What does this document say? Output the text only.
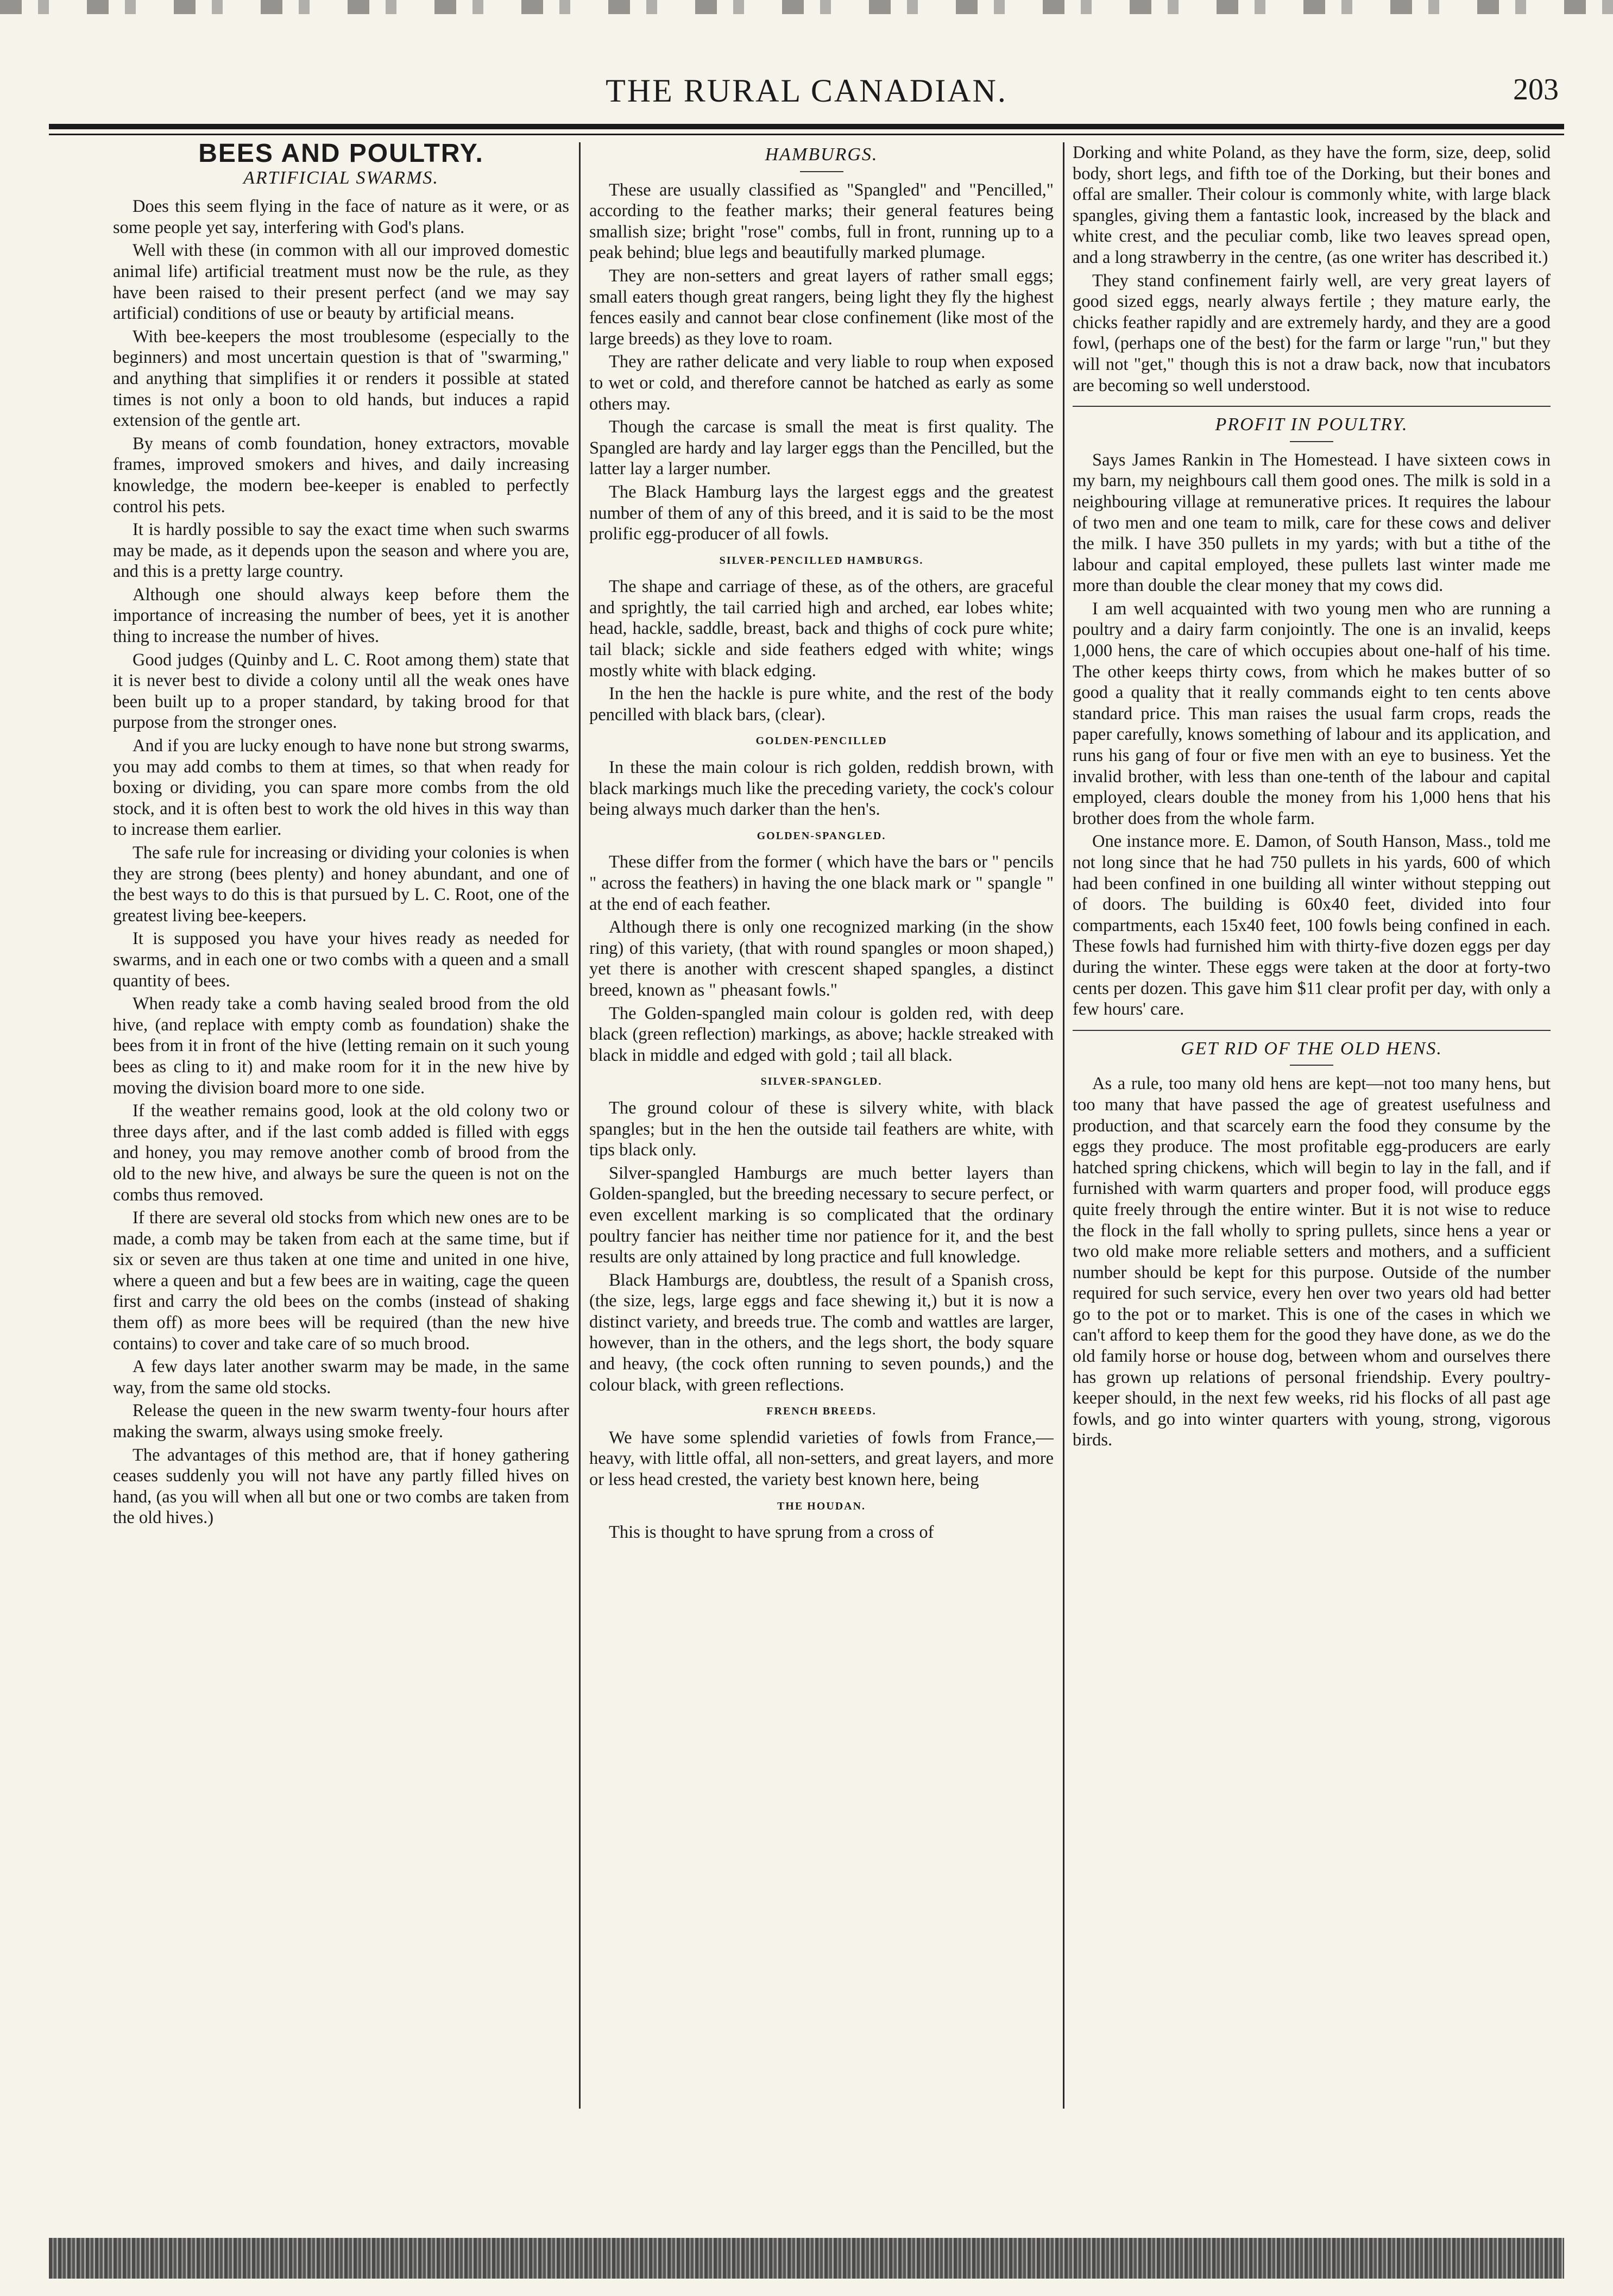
THE RURAL CANADIAN.	203
BEES AND POULTRY.
ARTIFICIAL SWARMS.

Does this seem flying in the face of nature as it were, or as some people yet say, interfering with God's plans.

Well with these (in common with all our improved domestic animal life) artificial treatment must now be the rule, as they have been raised to their present perfect (and we may say artificial) conditions of use or beauty by artificial means.

With bee-keepers the most troublesome (especially to the beginners) and most uncertain question is that of "swarming," and anything that simplifies it or renders it possible at stated times is not only a boon to old hands, but induces a rapid extension of the gentle art.

By means of comb foundation, honey extractors, movable frames, improved smokers and hives, and daily increasing knowledge, the modern bee-keeper is enabled to perfectly control his pets.

It is hardly possible to say the exact time when such swarms may be made, as it depends upon the season and where you are, and this is a pretty large country.

Although one should always keep before them the importance of increasing the number of bees, yet it is another thing to increase the number of hives.

Good judges (Quinby and L. C. Root among them) state that it is never best to divide a colony until all the weak ones have been built up to a proper standard, by taking brood for that purpose from the stronger ones.

And if you are lucky enough to have none but strong swarms, you may add combs to them at times, so that when ready for boxing or dividing, you can spare more combs from the old stock, and it is often best to work the old hives in this way than to increase them earlier.

The safe rule for increasing or dividing your colonies is when they are strong (bees plenty) and honey abundant, and one of the best ways to do this is that pursued by L. C. Root, one of the greatest living bee-keepers.

It is supposed you have your hives ready as needed for swarms, and in each one or two combs with a queen and a small quantity of bees.

When ready take a comb having sealed brood from the old hive, (and replace with empty comb as foundation) shake the bees from it in front of the hive (letting remain on it such young bees as cling to it) and make room for it in the new hive by moving the division board more to one side.

If the weather remains good, look at the old colony two or three days after, and if the last comb added is filled with eggs and honey, you may remove another comb of brood from the old to the new hive, and always be sure the queen is not on the combs thus removed.

If there are several old stocks from which new ones are to be made, a comb may be taken from each at the same time, but if six or seven are thus taken at one time and united in one hive, where a queen and but a few bees are in waiting, cage the queen first and carry the old bees on the combs (instead of shaking them off) as more bees will be required (than the new hive contains) to cover and take care of so much brood.

A few days later another swarm may be made, in the same way, from the same old stocks.

Release the queen in the new swarm twenty-four hours after making the swarm, always using smoke freely.

The advantages of this method are, that if honey gathering ceases suddenly you will not have any partly filled hives on hand, (as you will when all but one or two combs are taken from the old hives.)

HAMBURGS.

These are usually classified as "Spangled" and "Pencilled," according to the feather marks; their general features being smallish size; bright "rose" combs, full in front, running up to a peak behind; blue legs and beautifully marked plumage.

They are non-setters and great layers of rather small eggs; small eaters though great rangers, being light they fly the highest fences easily and cannot bear close confinement (like most of the large breeds) as they love to roam.

They are rather delicate and very liable to roup when exposed to wet or cold, and therefore cannot be hatched as early as some others may.

Though the carcase is small the meat is first quality. The Spangled are hardy and lay larger eggs than the Pencilled, but the latter lay a larger number.

The Black Hamburg lays the largest eggs and the greatest number of them of any of this breed, and it is said to be the most prolific egg-producer of all fowls.

SILVER-PENCILLED HAMBURGS.

The shape and carriage of these, as of the others, are graceful and sprightly, the tail carried high and arched, ear lobes white; head, hackle, saddle, breast, back and thighs of cock pure white; tail black; sickle and side feathers edged with white; wings mostly white with black edging.

In the hen the hackle is pure white, and the rest of the body pencilled with black bars, (clear).

GOLDEN-PENCILLED

In these the main colour is rich golden, reddish brown, with black markings much like the preceding variety, the cock's colour being always much darker than the hen's.

GOLDEN-SPANGLED.

These differ from the former ( which have the bars or " pencils " across the feathers) in having the one black mark or " spangle " at the end of each feather.

Although there is only one recognized marking (in the show ring) of this variety, (that with round spangles or moon shaped,) yet there is another with crescent shaped spangles, a distinct breed, known as " pheasant fowls."

The Golden-spangled main colour is golden red, with deep black (green reflection) markings, as above; hackle streaked with black in middle and edged with gold ; tail all black.

SILVER-SPANGLED.

The ground colour of these is silvery white, with black spangles; but in the hen the outside tail feathers are white, with tips black only.

Silver-spangled Hamburgs are much better layers than Golden-spangled, but the breeding necessary to secure perfect, or even excellent marking is so complicated that the ordinary poultry fancier has neither time nor patience for it, and the best results are only attained by long practice and full knowledge.

Black Hamburgs are, doubtless, the result of a Spanish cross, (the size, legs, large eggs and face shewing it,) but it is now a distinct variety, and breeds true. The comb and wattles are larger, however, than in the others, and the legs short, the body square and heavy, (the cock often running to seven pounds,) and the colour black, with green reflections.

FRENCH BREEDS.

We have some splendid varieties of fowls from France,—heavy, with little offal, all non-setters, and great layers, and more or less head crested, the variety best known here, being

THE HOUDAN.

This is thought to have sprung from a cross of

Dorking and white Poland, as they have the form, size, deep, solid body, short legs, and fifth toe of the Dorking, but their bones and offal are smaller. Their colour is commonly white, with large black spangles, giving them a fantastic look, increased by the black and white crest, and the peculiar comb, like two leaves spread open, and a long strawberry in the centre, (as one writer has described it.)

They stand confinement fairly well, are very great layers of good sized eggs, nearly always fertile ; they mature early, the chicks feather rapidly and are extremely hardy, and they are a good fowl, (perhaps one of the best) for the farm or large "run," but they will not "get," though this is not a draw back, now that incubators are becoming so well understood.

PROFIT IN POULTRY.

Says James Rankin in The Homestead. I have sixteen cows in my barn, my neighbours call them good ones. The milk is sold in a neighbouring village at remunerative prices. It requires the labour of two men and one team to milk, care for these cows and deliver the milk. I have 350 pullets in my yards; with but a tithe of the labour and capital employed, these pullets last winter made me more than double the clear money that my cows did.

I am well acquainted with two young men who are running a poultry and a dairy farm conjointly. The one is an invalid, keeps 1,000 hens, the care of which occupies about one-half of his time. The other keeps thirty cows, from which he makes butter of so good a quality that it really commands eight to ten cents above standard price. This man raises the usual farm crops, reads the paper carefully, knows something of labour and its application, and runs his gang of four or five men with an eye to business. Yet the invalid brother, with less than one-tenth of the labour and capital employed, clears double the money from his 1,000 hens that his brother does from the whole farm.

One instance more. E. Damon, of South Hanson, Mass., told me not long since that he had 750 pullets in his yards, 600 of which had been confined in one building all winter without stepping out of doors. The building is 60x40 feet, divided into four compartments, each 15x40 feet, 100 fowls being confined in each. These fowls had furnished him with thirty-five dozen eggs per day during the winter. These eggs were taken at the door at forty-two cents per dozen. This gave him $11 clear profit per day, with only a few hours' care.

GET RID OF THE OLD HENS.

As a rule, too many old hens are kept—not too many hens, but too many that have passed the age of greatest usefulness and production, and that scarcely earn the food they consume by the eggs they produce. The most profitable egg-producers are early hatched spring chickens, which will begin to lay in the fall, and if furnished with warm quarters and proper food, will produce eggs quite freely through the entire winter. But it is not wise to reduce the flock in the fall wholly to spring pullets, since hens a year or two old make more reliable setters and mothers, and a sufficient number should be kept for this purpose. Outside of the number required for such service, every hen over two years old had better go to the pot or to market. This is one of the cases in which we can't afford to keep them for the good they have done, as we do the old family horse or house dog, between whom and ourselves there has grown up relations of personal friendship. Every poultry-keeper should, in the next few weeks, rid his flocks of all past age fowls, and go into winter quarters with young, strong, vigorous birds.
